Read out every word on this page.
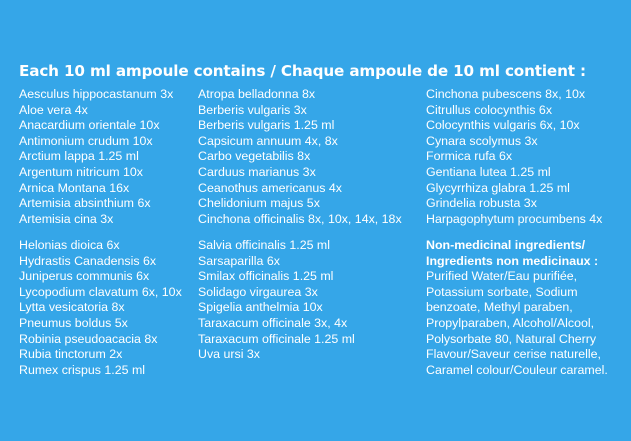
Each 10 ml ampoule contains / Chaque ampoule de 10 ml contient :
Aesculus hippocastanum 3x
Aloe vera 4x
Anacardium orientale 10x
Antimonium crudum 10x
Arctium lappa 1.25 ml
Argentum nitricum 10x
Arnica Montana 16x
Artemisia absinthium 6x
Artemisia cina 3x
Helonias dioica 6x
Hydrastis Canadensis 6x
Juniperus communis 6x
Lycopodium clavatum 6x, 10x
Lytta vesicatoria 8x
Pneumus boldus 5x
Robinia pseudoacacia 8x
Rubia tinctorum 2x
Rumex crispus 1.25 ml
Atropa belladonna 8x
Berberis vulgaris 3x
Berberis vulgaris 1.25 ml
Capsicum annuum 4x, 8x
Carbo vegetabilis 8x
Carduus marianus 3x
Ceanothus americanus 4x
Chelidonium majus 5x
Cinchona officinalis 8x, 10x, 14x, 18x
Salvia officinalis 1.25 ml
Sarsaparilla 6x
Smilax officinalis 1.25 ml
Solidago virgaurea 3x
Spigelia anthelmia 10x
Taraxacum officinale 3x, 4x
Taraxacum officinale 1.25 ml
Uva ursi 3x
Cinchona pubescens 8x, 10x
Citrullus colocynthis 6x
Colocynthis vulgaris 6x, 10x
Cynara scolymus 3x
Formica rufa 6x
Gentiana lutea 1.25 ml
Glycyrrhiza glabra 1.25 ml
Grindelia robusta 3x
Harpagophytum procumbens 4x
Non-medicinal ingredients/
Ingredients non medicinaux :
Purified Water/Eau purifiée,
Potassium sorbate, Sodium
benzoate, Methyl paraben,
Propylparaben, Alcohol/Alcool,
Polysorbate 80, Natural Cherry
Flavour/Saveur cerise naturelle,
Caramel colour/Couleur caramel.
